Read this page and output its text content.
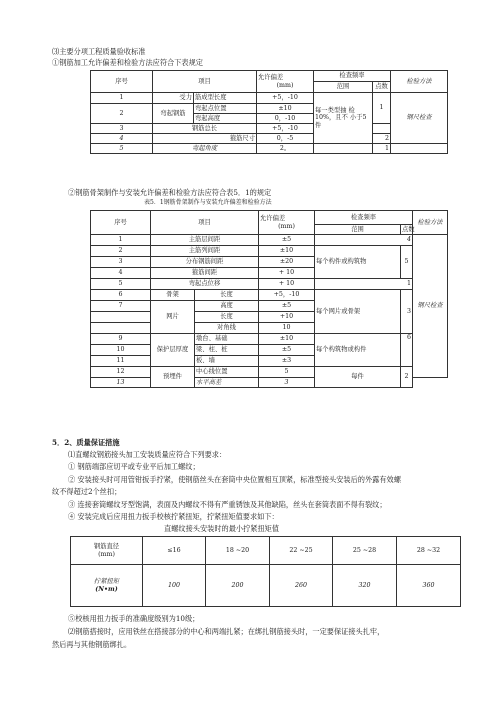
⑶主要分项工程质量验收标准
①钢筋加工允许偏差和检验方法应符合下表规定
序号	项目		允许偏差
(mm)	检查频率		检验方法
				范围	点数	
1	受力	筋成型长度	+5，-10	每一类型抽 检10%，且不 小于5件	1	钢尺检查
2	弯起钢筋	弯起点位置	±10			
		弯起高度	0，-10			
3	钢筋总长		+5，-10			
4	箍筋尺寸		0，-5		2	
5	弯起角度		2。		1	
②钢筋骨架制作与安装允许偏差和检验方法应符合表5．1的规定
表5．1钢筋骨架制作与安装允许偏差和检验方法
序号	项目		允许偏差
(mm)	检查频率		检验方法
				范围	点数	
1	主筋层间距		±5		4	钢尺检查
2	主筋列间距		±10	每个构件或构筑物	5	
3	分布钢筋间距		±20			
4	箍筋间距		+ 10			
5	弯起点位移		+ 10		1	
6	骨架	长度	+5，-10	每个网片或骨架	3	
7	网片	高度	±5			
		长度	+10			
		对角线	10			
9	保护层厚度	墩台、基础	±10	每个构筑物或构件	6	
10		梁、柱、桩	±5			
11		板、墙	±3			
12	预埋件	中心线位置	5	每件	2	
13		水平高差	3			
5．2、质量保证措施
⑴直螺纹钢筋接头加工安装质量应符合下列要求：
① 钢筋端部应切平或专业平后加工螺纹；
② 安装接头时可用管钳扳手拧紧，使钢筋丝头在套筒中央位置相互顶紧，标准型接头安装后的外露有效螺
纹不得超过2个丝扣；
③ 连接套筒螺纹牙型饱满，表面及内螺纹不得有严重锈蚀及其他缺陷，丝头在套筒表面不得有裂纹；
④ 安装完成后应用扭力扳手校核拧紧扭矩，拧紧扭矩值要求如下：
直螺纹接头安装时的最小拧紧扭矩值
钢筋直径
(mm)	≤16	18 ~20	22 ~25	25 ~28	28 ~32

拧紧扭矩
(N•m)	100	200	260	320	360
⑤校核用扭力扳手的准确度级别为10级；
⑵钢筋搭接时，应用铁丝在搭接部分的中心和两端扎紧；在绑扎钢筋接头时，一定要保证接头扎牢，
然后再与其他钢筋绑扎。
